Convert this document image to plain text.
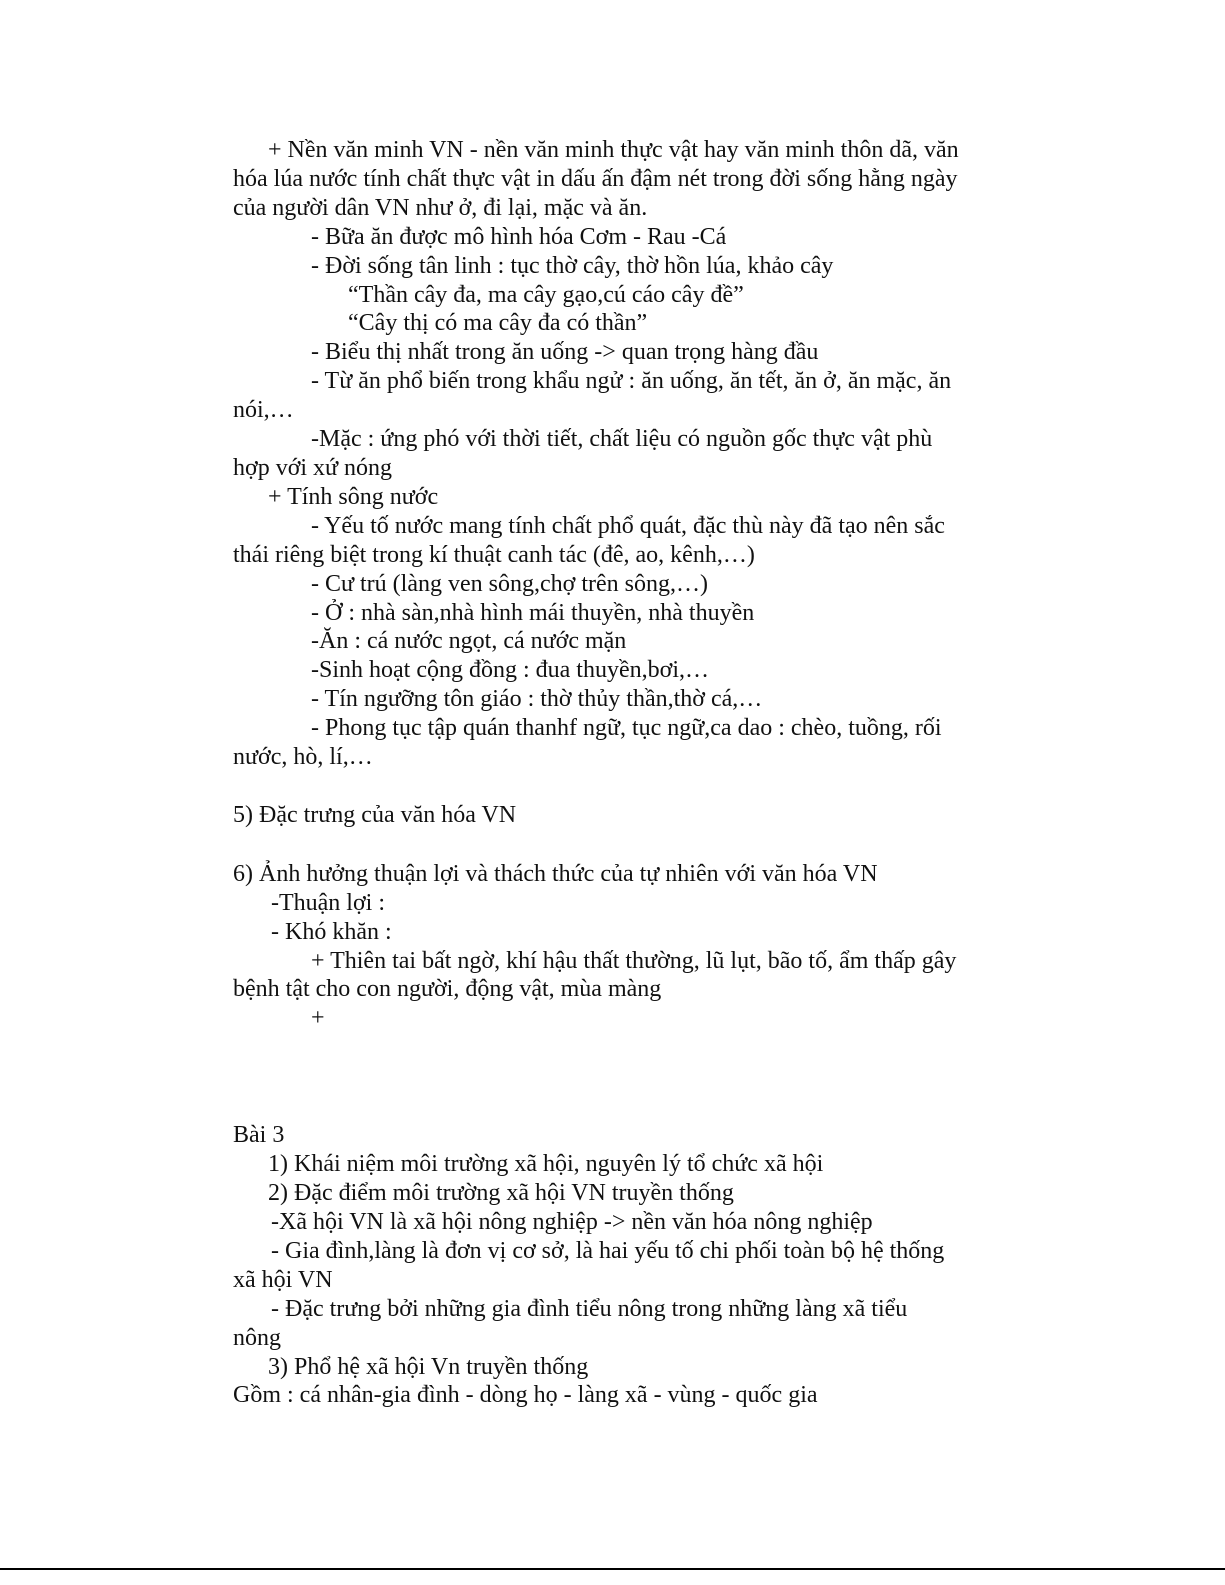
+ Nền văn minh VN - nền văn minh thực vật hay văn minh thôn dã, văn

hóa lúa nước tính chất thực vật in dấu ấn đậm nét trong đời sống hằng ngày

của người dân VN như ở, đi lại, mặc và ăn.

- Bữa ăn được mô hình hóa Cơm - Rau -Cá

- Đời sống tân linh : tục thờ cây, thờ hồn lúa, khảo cây

“Thần cây đa, ma cây gạo,cú cáo cây đề”

“Cây thị có ma cây đa có thần”

- Biểu thị nhất trong ăn uống -> quan trọng hàng đầu

- Từ ăn phổ biến trong khẩu ngử : ăn uống, ăn tết, ăn ở, ăn mặc, ăn

nói,…

-Mặc : ứng phó với thời tiết, chất liệu có nguồn gốc thực vật phù

hợp với xứ nóng

+ Tính sông nước

- Yếu tố nước mang tính chất phổ quát, đặc thù này đã tạo nên sắc

thái riêng biệt trong kí thuật canh tác (đê, ao, kênh,…)

- Cư trú (làng ven sông,chợ trên sông,…)

- Ở : nhà sàn,nhà hình mái thuyền, nhà thuyền

-Ăn : cá nước ngọt, cá nước mặn

-Sinh hoạt cộng đồng : đua thuyền,bơi,…

- Tín ngưỡng tôn giáo : thờ thủy thần,thờ cá,…

- Phong tục tập quán thanhf ngữ, tục ngữ,ca dao : chèo, tuồng, rối

nước, hò, lí,…

5) Đặc trưng của văn hóa VN

6) Ảnh hưởng thuận lợi và thách thức của tự nhiên với văn hóa VN

-Thuận lợi :

- Khó khăn :

+ Thiên tai bất ngờ, khí hậu thất thường, lũ lụt, bão tố, ẩm thấp gây

bệnh tật cho con người, động vật, mùa màng

+

Bài 3

1) Khái niệm môi trường xã hội, nguyên lý tổ chức xã hội

2) Đặc điểm môi trường xã hội VN truyền thống

-Xã hội VN là xã hội nông nghiệp -> nền văn hóa nông nghiệp

- Gia đình,làng là đơn vị cơ sở, là hai yếu tố chi phối toàn bộ hệ thống

xã hội VN

- Đặc trưng bởi những gia đình tiểu nông trong những làng xã tiểu

nông

3) Phổ hệ xã hội Vn truyền thống

Gồm : cá nhân-gia đình - dòng họ - làng xã - vùng - quốc gia
